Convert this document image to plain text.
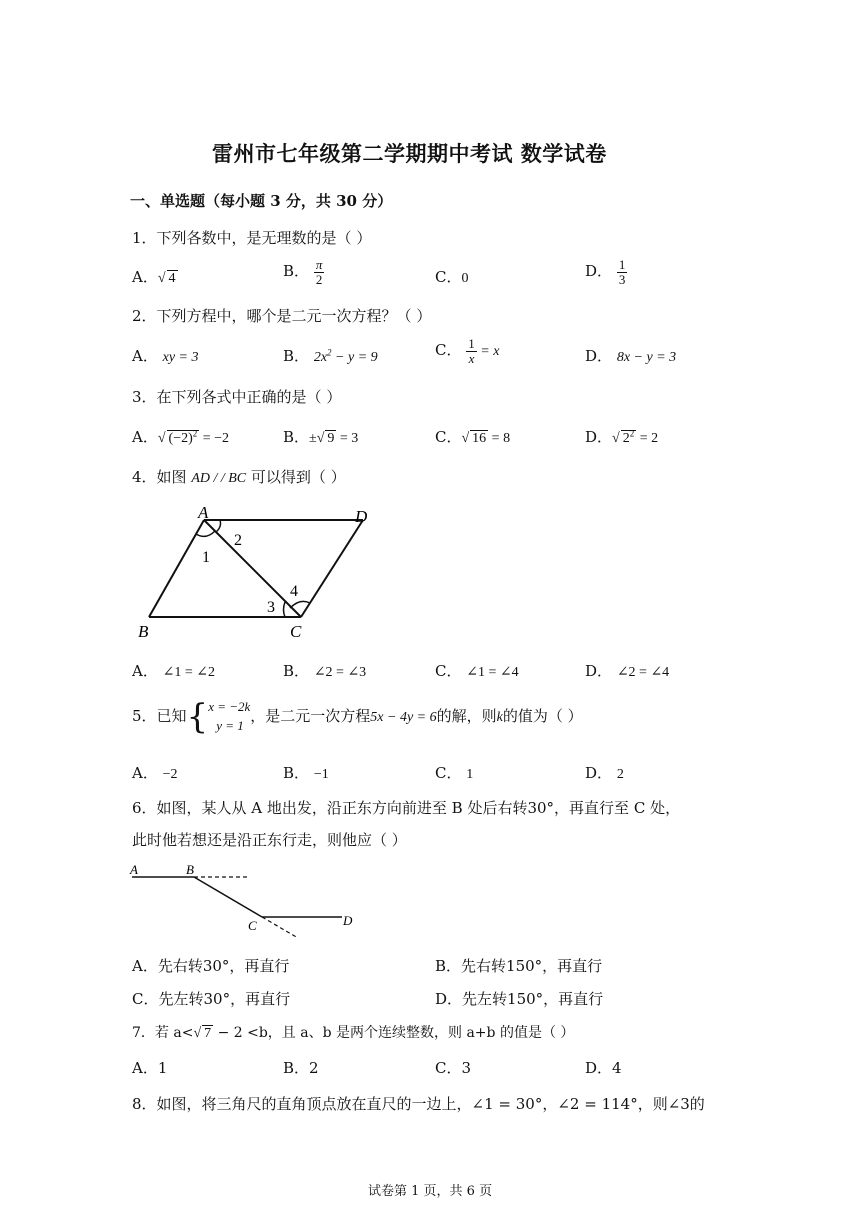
雷州市七年级第二学期期中考试 数学试卷
一、单选题（每小题 3 分，共 30 分）
1．下列各数中，是无理数的是（ ）
A．√ 4	B． $\frac{\pi}{2}$	C．0	D． $\frac{1}{3}$
2．下列方程中，哪个是二元一次方程？（ ）
A． xy = 3	B． $2x^2 - y = 9$	C． $\frac{1}{x} = x$	D． 8x − y = 3
3．在下列各式中正确的是（ ）
A．√ $(-2)^2 = -2$	B．±√ 9 = 3	C．√ 16 = 8	D．√ $2^2 = 2$
4．如图 AD / / BC 可以得到（ ）
A	D
B	C
1
2
3
4
A． ∠1 = ∠2	B． ∠2 = ∠3	C． ∠1 = ∠4	D． ∠2 = ∠4
5．已知{ x = −2k
y = 1
，是二元一次方程5x − 4y = 6的解，则k的值为（ ）
A． −2	B． −1	C． 1	D． 2
6．如图，某人从 A 地出发，沿正东方向前进至 B 处后右转30°，再直行至 C 处，
此时他若想还是沿正东行走，则他应（ ）
A	B
C	D
A．先右转30°，再直行	B．先右转150°，再直行
C．先左转30°，再直行	D．先左转150°，再直行
7．若 a<√ 7 − 2 <b，且 a、b 是两个连续整数，则 a+b 的值是（ ）
A．1	B．2	C．3	D．4
8．如图，将三角尺的直角顶点放在直尺的一边上，∠1 = 30°，∠2 = 114°，则∠3的
试卷第 1 页，共 6 页
